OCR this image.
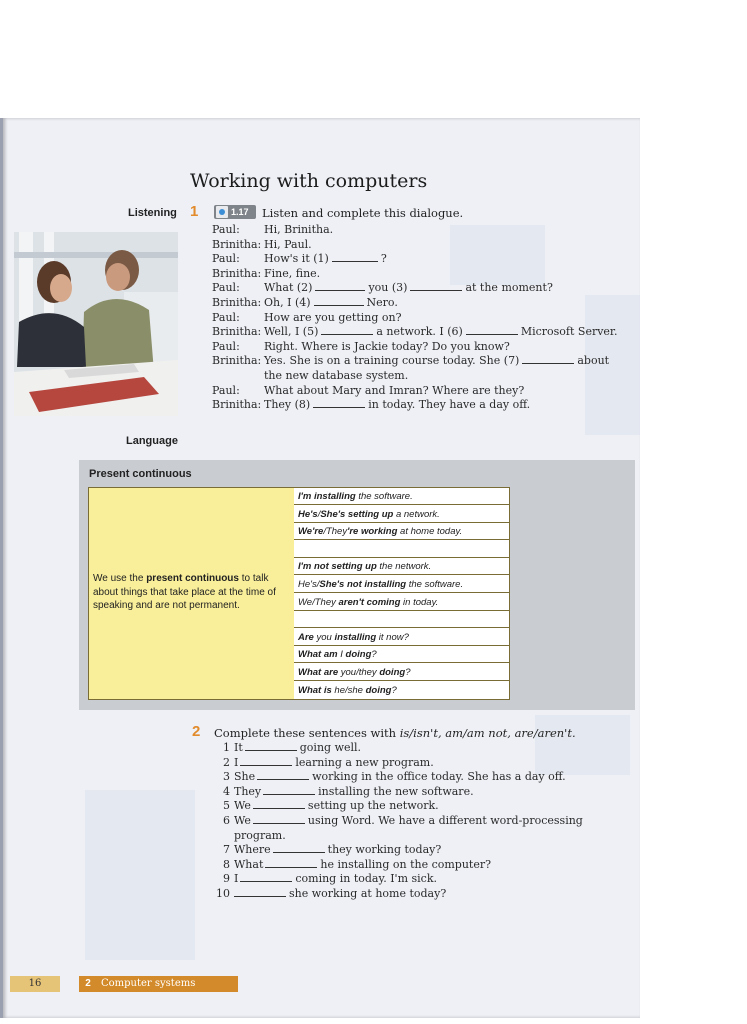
Working with computers
Listening 1	1.17 Listen and complete this dialogue.
Paul:	Hi, Brinitha.
Brinitha: Hi, Paul.
Paul:	How's it (1)	?
Brinitha: Fine, fine.
Paul:	What (2)	you (3)	at the moment?
Brinitha: Oh, I (4)	Nero.
Paul:	How are you getting on?
Brinitha: Well, I (5)	a network. I (6)	Microsoft Server.
Paul:	Right. Where is Jackie today? Do you know?
Brinitha: Yes. She is on a training course today. She (7)	about the new database system.
Paul:	What about Mary and Imran? Where are they?
Brinitha: They (8)	in today. They have a day off.
Language
Present continuous

We use the present continuous to talk about things that take place at the time of speaking and are not permanent.

I'm installing the software.
He's/She's setting up a network.
We're/They're working at home today.
I'm not setting up the network.
He's/She's not installing the software.
We/They aren't coming in today.
Are you installing it now?
What am I doing?
What are you/they doing?
What is he/she doing?
2 Complete these sentences with is/isn't, am/am not, are/aren't.
1 It	going well.
2 I	learning a new program.
3 She	working in the office today. She has a day off.
4 They	installing the new software.
5 We	setting up the network.
6 We	using Word. We have a different word-processing program.
7 Where	they working today?
8 What	he installing on the computer?
9 I	coming in today. I'm sick.
10	she working at home today?
16	2	Computer systems
